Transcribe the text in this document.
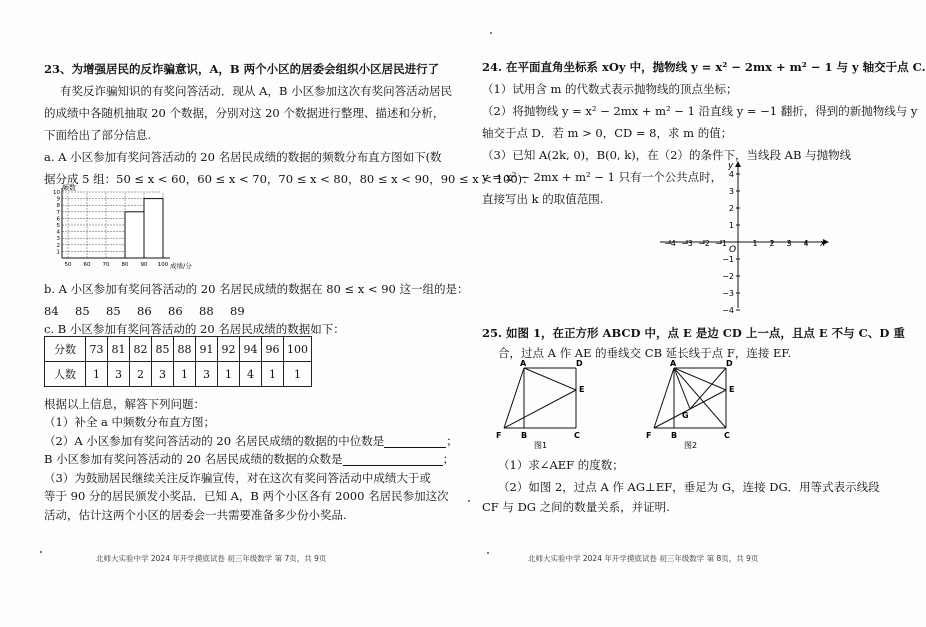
23、为增强居民的反诈骗意识，A，B 两个小区的居委会组织小区居民进行了
有奖反诈骗知识的有奖问答活动．现从 A，B 小区参加这次有奖问答活动居民
的成绩中各随机抽取 20 个数据，分别对这 20 个数据进行整理、描述和分析，
下面给出了部分信息.
a. A 小区参加有奖问答活动的 20 名居民成绩的数据的频数分布直方图如下(数
据分成 5 组：50 ≤ x < 60，60 ≤ x < 70，70 ≤ x < 80，80 ≤ x < 90，90 ≤ x < 100)：
1
2
3
4
5
6
7
8
9
10
50 60 70 80 90 100
频数
成绩/分
b. A 小区参加有奖问答活动的 20 名居民成绩的数据在 80 ≤ x < 90 这一组的是：
84 85 85 86 86 88 89
c. B 小区参加有奖问答活动的 20 名居民成绩的数据如下：
分数	73	81	82	85	88	91	92	94	96	100
人数	1	3	2	3	1	3	1	4	1	1
根据以上信息，解答下列问题：
（1）补全 a 中频数分布直方图；
（2）A 小区参加有奖问答活动的 20 名居民成绩的数据的中位数是	；
B 小区参加有奖问答活动的 20 名居民成绩的数据的众数是	；
（3）为鼓励居民继续关注反诈骗宣传，对在这次有奖问答活动中成绩大于或
等于 90 分的居民颁发小奖品．已知 A，B 两个小区各有 2000 名居民参加这次
活动，估计这两个小区的居委会一共需要准备多少份小奖品.
北师大实验中学 2024 年开学摸底试卷 初三年级数学 第 7页，共 9页
24. 在平面直角坐标系 xOy 中，抛物线 y = x² − 2mx + m² − 1 与 y 轴交于点 C.
（1）试用含 m 的代数式表示抛物线的顶点坐标；
（2）将抛物线 y = x² − 2mx + m² − 1 沿直线 y = −1 翻折，得到的新抛物线与 y
轴交于点 D．若 m > 0，CD = 8，求 m 的值；
（3）已知 A(2k, 0)，B(0, k)，在（2）的条件下，当线段 AB 与抛物线
y = x² − 2mx + m² − 1 只有一个公共点时，
直接写出 k 的取值范围.
−4 −3 −2 −1	1 2 3 4
4
3
2
1
−1
−2
−3
−4
x
y
O
25. 如图 1，在正方形 ABCD 中，点 E 是边 CD 上一点，且点 E 不与 C、D 重
合，过点 A 作 AE 的垂线交 CB 延长线于点 F，连接 EF.
A	D
E
F B	C
图1
A	D
E
F B	C
G
图2
（1）求∠AEF 的度数；
（2）如图 2，过点 A 作 AG⊥EF，垂足为 G，连接 DG．用等式表示线段
CF 与 DG 之间的数量关系，并证明.
北师大实验中学 2024 年开学摸底试卷 初三年级数学 第 8页，共 9页
